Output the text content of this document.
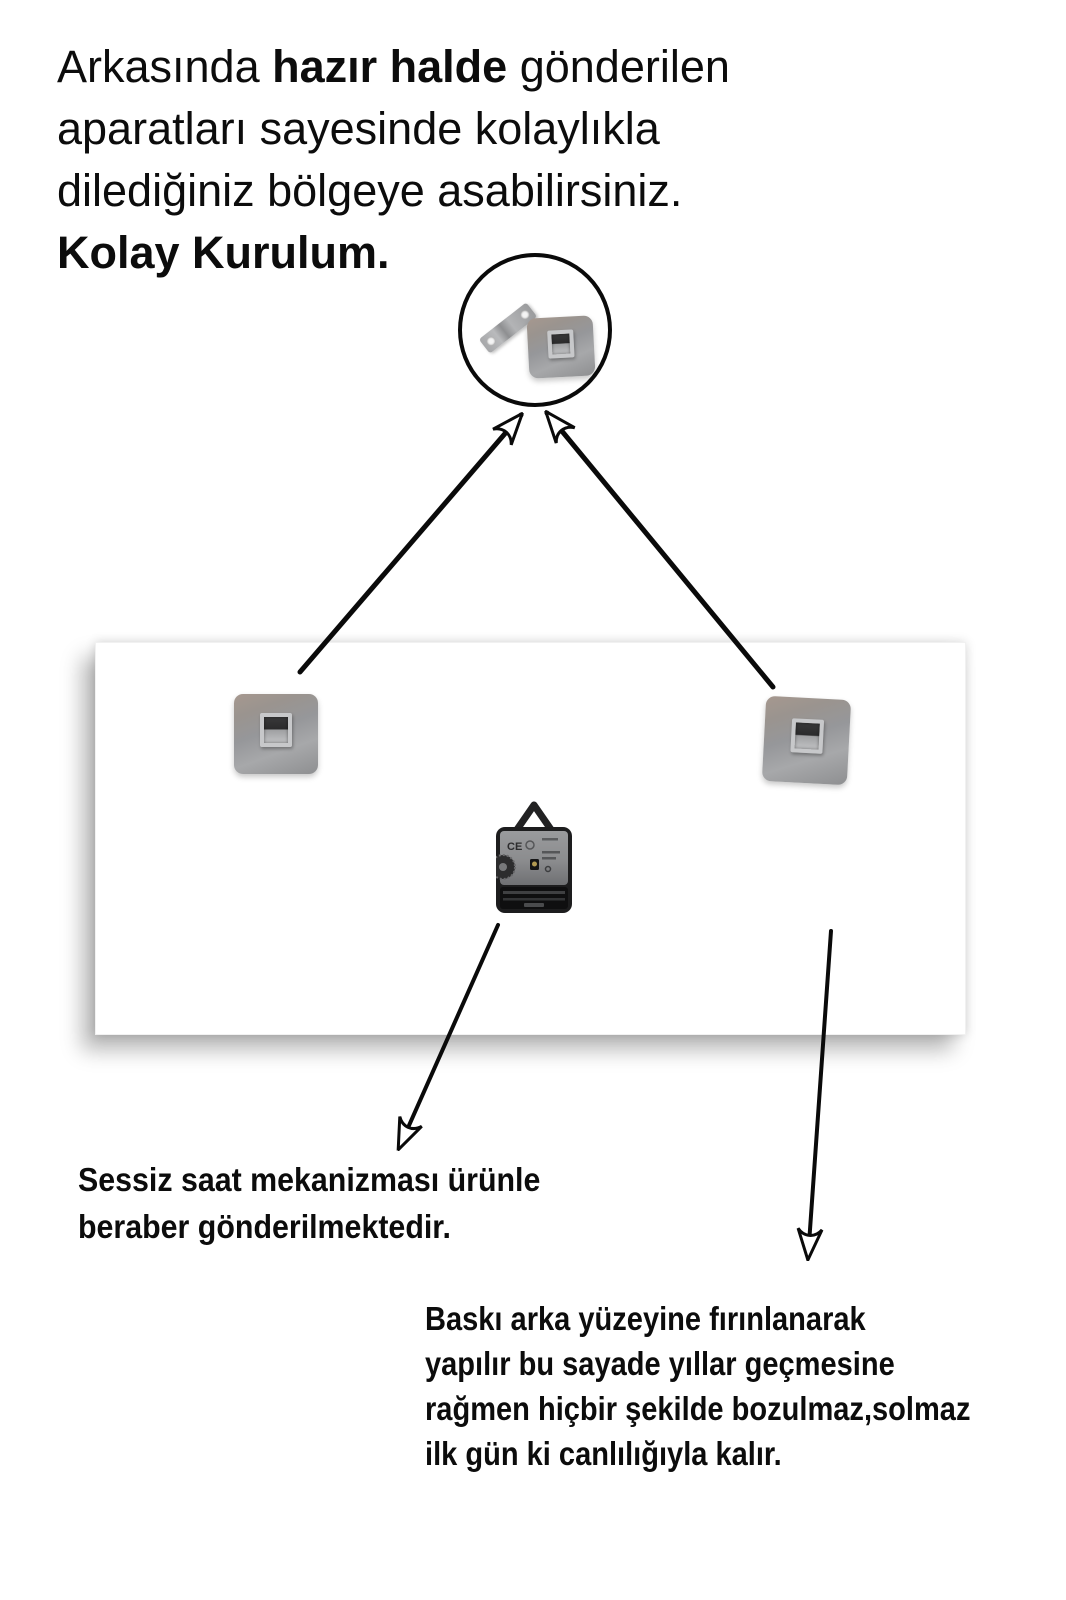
Arkasında hazır halde gönderilen
aparatları sayesinde kolaylıkla
dilediğiniz bölgeye asabilirsiniz.
Kolay Kurulum.
CE
Sessiz saat mekanizması ürünle
beraber gönderilmektedir.
Baskı arka yüzeyine fırınlanarak
yapılır bu sayade yıllar geçmesine
rağmen hiçbir şekilde bozulmaz,solmaz
ilk gün ki canlılığıyla kalır.
